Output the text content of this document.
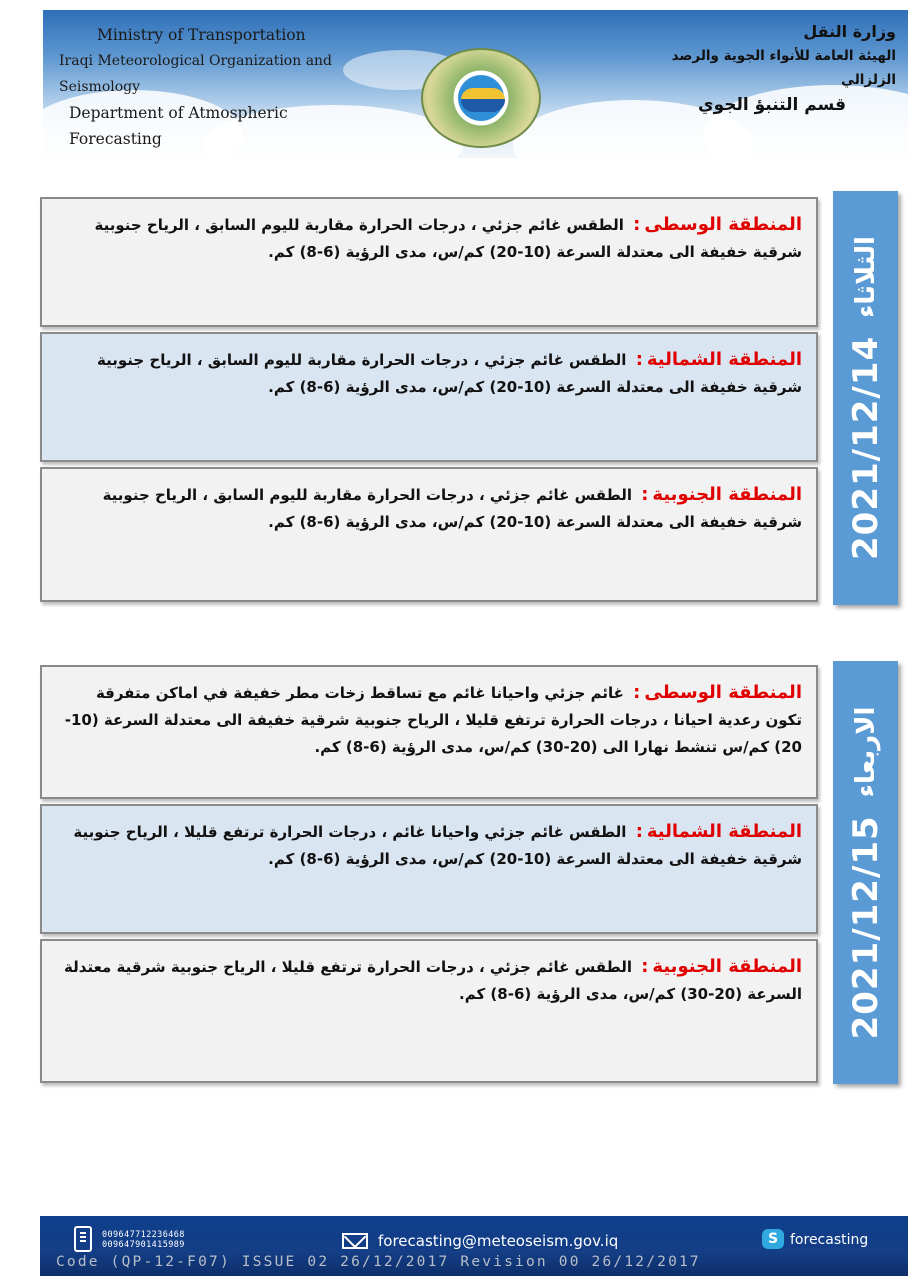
Ministry of Transportation
Iraqi Meteorological Organization and Seismology
Department of Atmospheric Forecasting
وزارة النقل
الهيئة العامة للأنواء الجوية والرصد الزلزالي
قسم التنبؤ الجوي
2021/12/14
الثلاثاء

المنطقة الوسطى: الطقس غائم جزئي ، درجات الحرارة مقاربة لليوم السابق ، الرياح جنوبية شرقية خفيفة الى معتدلة السرعة (10-20) كم/س، مدى الرؤية (6-8) كم.

المنطقة الشمالية: الطقس غائم جزئي ، درجات الحرارة مقاربة لليوم السابق ، الرياح جنوبية شرقية خفيفة الى معتدلة السرعة (10-20) كم/س، مدى الرؤية (6-8) كم.

المنطقة الجنوبية: الطقس غائم جزئي ، درجات الحرارة مقاربة لليوم السابق ، الرياح جنوبية شرقية خفيفة الى معتدلة السرعة (10-20) كم/س، مدى الرؤية (6-8) كم.

2021/12/15
الاربعاء

المنطقة الوسطى: غائم جزئي واحيانا غائم مع تساقط زخات مطر خفيفة في اماكن متفرقة تكون رعدية احيانا ، درجات الحرارة ترتفع قليلا ، الرياح جنوبية شرقية خفيفة الى معتدلة السرعة (10-20) كم/س تنشط نهارا الى (20-30) كم/س، مدى الرؤية (6-8) كم.

المنطقة الشمالية: الطقس غائم جزئي واحيانا غائم ، درجات الحرارة ترتفع قليلا ، الرياح جنوبية شرقية خفيفة الى معتدلة السرعة (10-20) كم/س، مدى الرؤية (6-8) كم.

المنطقة الجنوبية: الطقس غائم جزئي ، درجات الحرارة ترتفع قليلا ، الرياح جنوبية شرقية معتدلة السرعة (20-30) كم/س، مدى الرؤية (6-8) كم.

009647712236468
009647901415989	forecasting@meteoseism.gov.iq	S forecasting
Code (QP-12-F07) ISSUE 02 26/12/2017 Revision 00 26/12/2017
